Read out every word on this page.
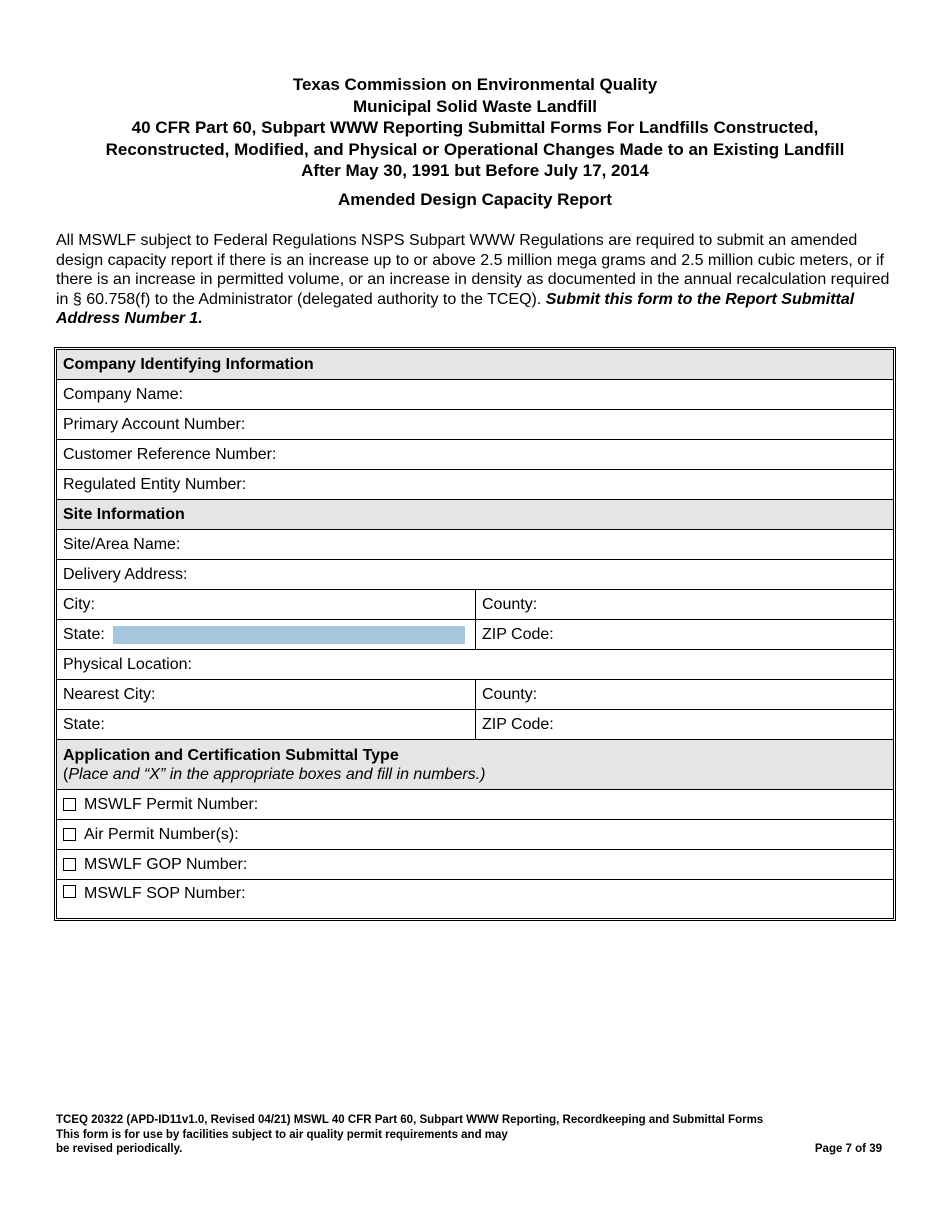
Texas Commission on Environmental Quality
Municipal Solid Waste Landfill
40 CFR Part 60, Subpart WWW Reporting Submittal Forms For Landfills Constructed,
Reconstructed, Modified, and Physical or Operational Changes Made to an Existing Landfill
After May 30, 1991 but Before July 17, 2014
Amended Design Capacity Report
All MSWLF subject to Federal Regulations NSPS Subpart WWW Regulations are required to submit an amended design capacity report if there is an increase up to or above 2.5 million mega grams and 2.5 million cubic meters, or if there is an increase in permitted volume, or an increase in density as documented in the annual recalculation required in § 60.758(f) to the Administrator (delegated authority to the TCEQ). Submit this form to the Report Submittal Address Number 1.
Company Identifying Information
Company Name:
Primary Account Number:
Customer Reference Number:
Regulated Entity Number:
Site Information
Site/Area Name:
Delivery Address:
City:	County:
State:	ZIP Code:
Physical Location:
Nearest City:	County:
State:	ZIP Code:
Application and Certification Submittal Type
(Place and “X” in the appropriate boxes and fill in numbers.)
MSWLF Permit Number:
Air Permit Number(s):
MSWLF GOP Number:
MSWLF SOP Number:
TCEQ 20322 (APD-ID11v1.0, Revised 04/21) MSWL 40 CFR Part 60, Subpart WWW Reporting, Recordkeeping and Submittal Forms
This form is for use by facilities subject to air quality permit requirements and may
be revised periodically.	Page 7 of 39
